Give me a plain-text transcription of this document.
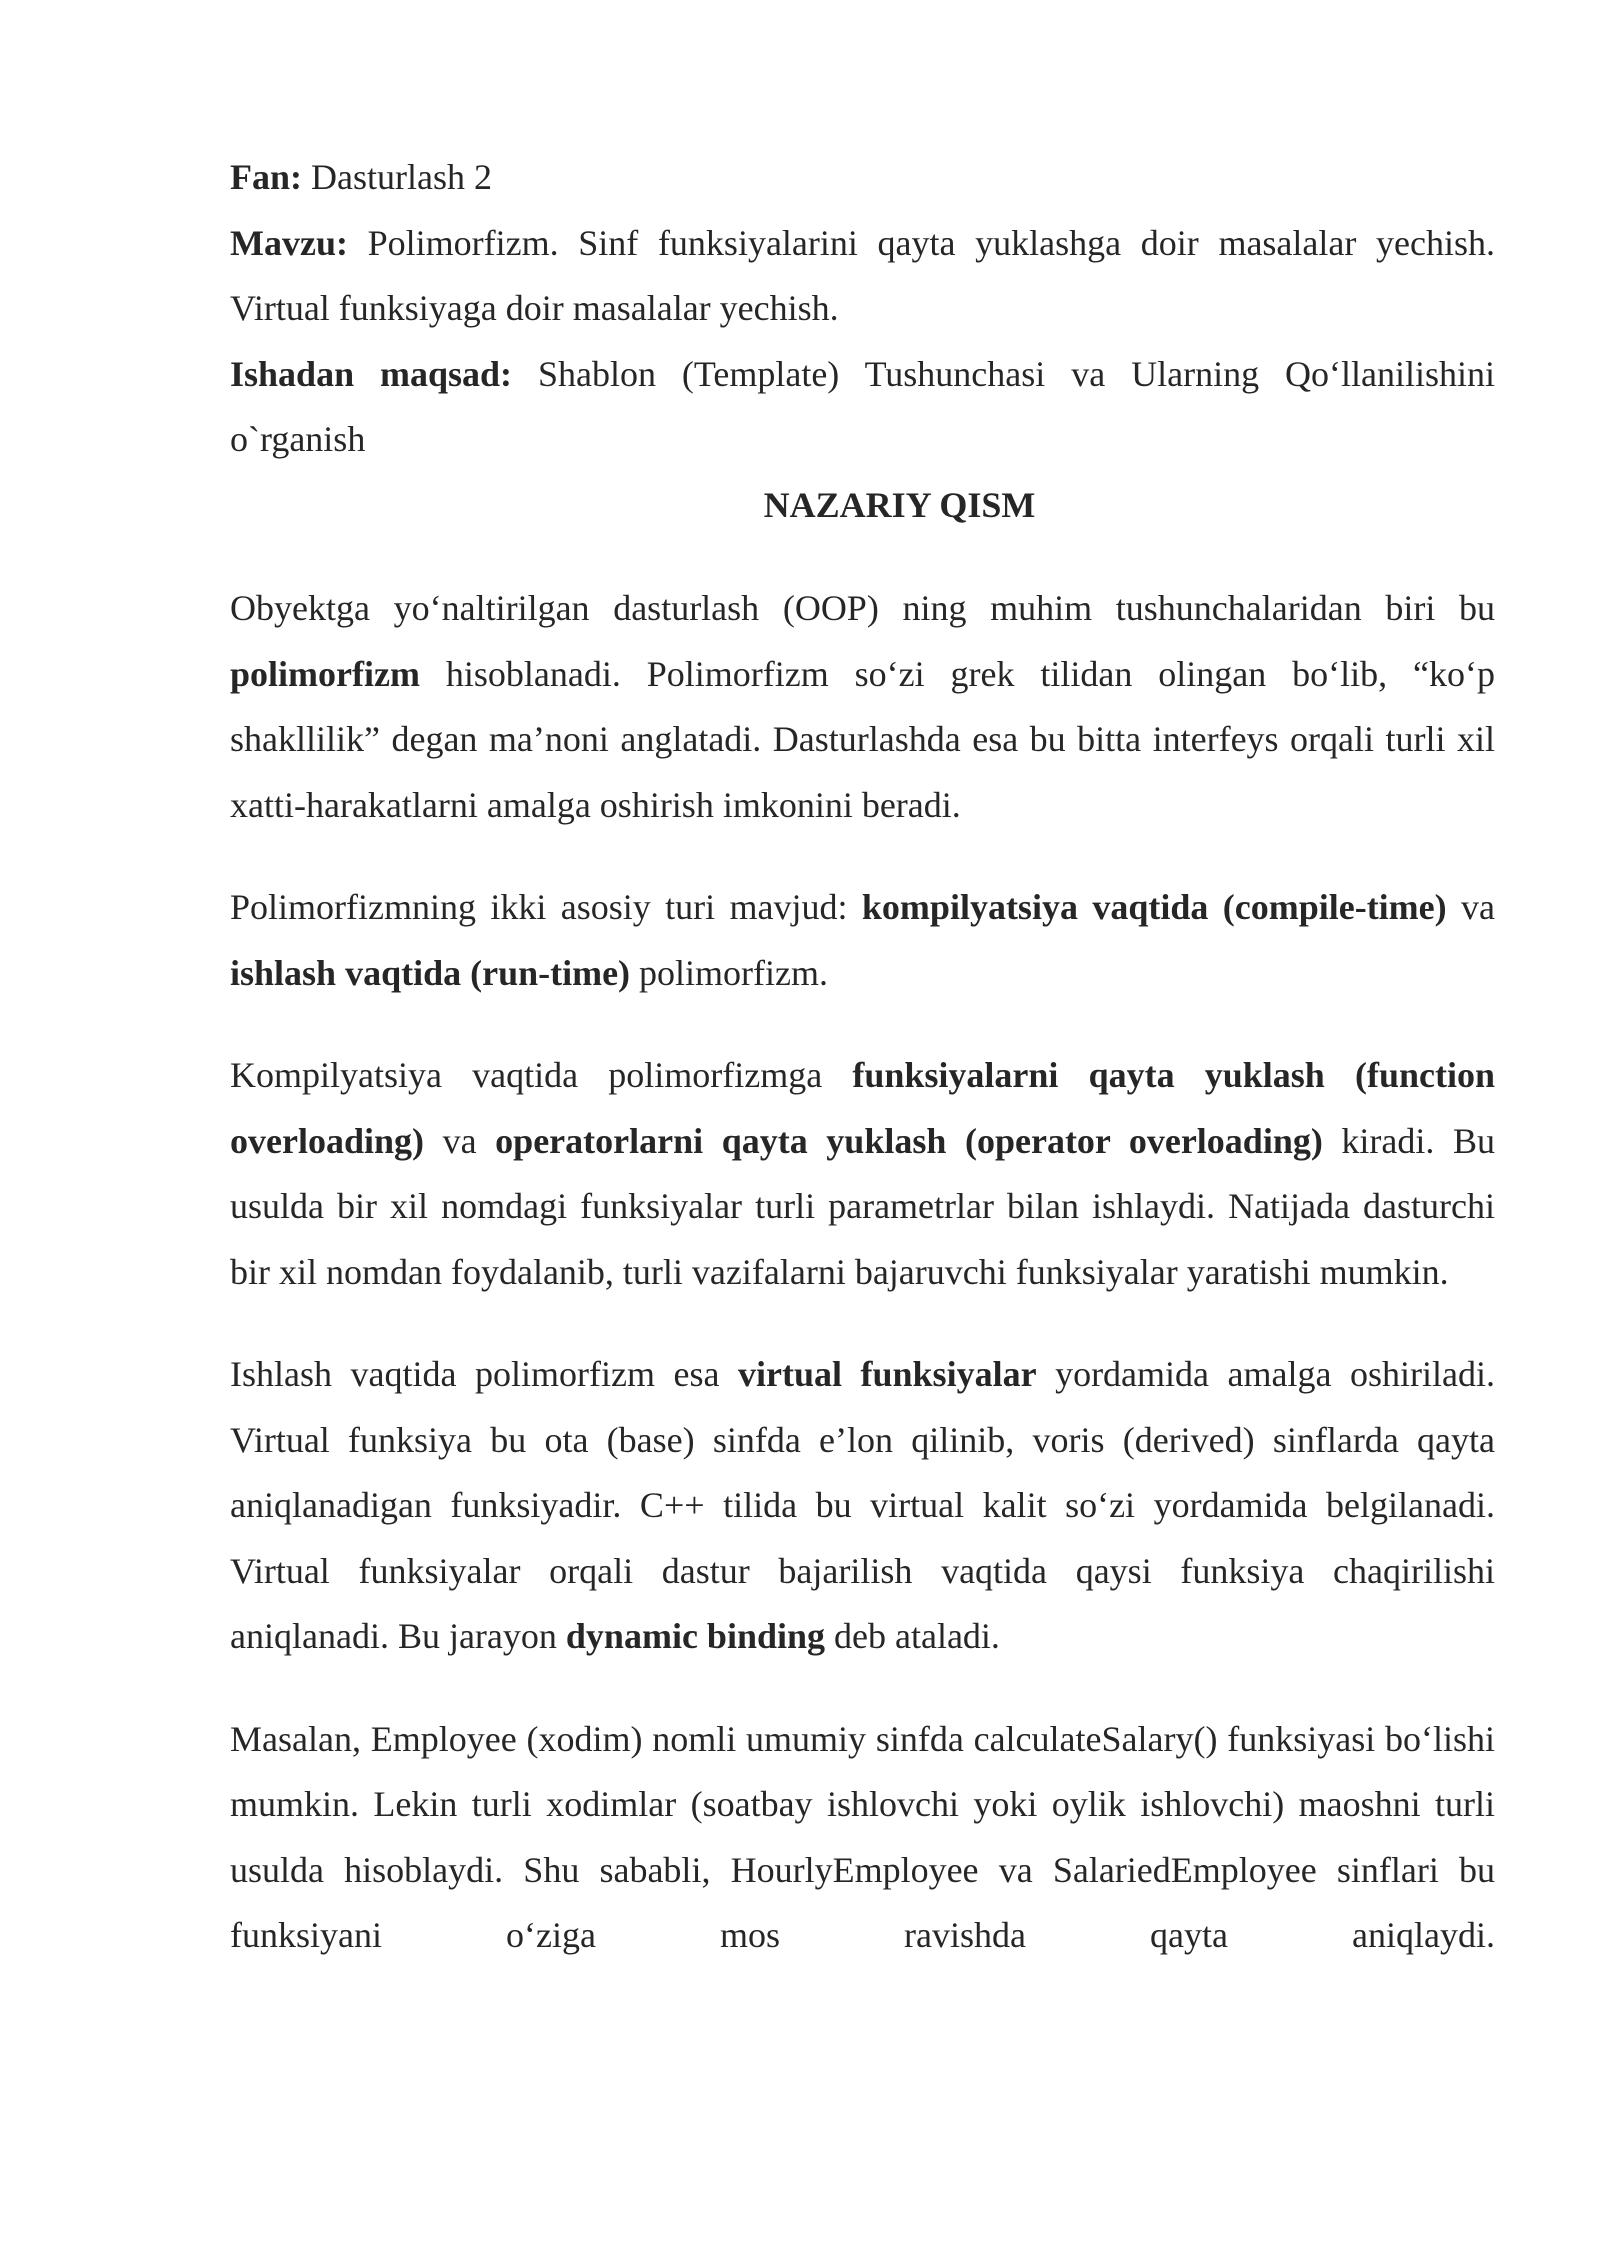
Fan: Dasturlash 2

Mavzu: Polimorfizm. Sinf funksiyalarini qayta yuklashga doir masalalar yechish. Virtual funksiyaga doir masalalar yechish.

Ishadan maqsad: Shablon (Template) Tushunchasi va Ularning Qo‘llanilishini o`rganish

NAZARIY QISM

Obyektga yo‘naltirilgan dasturlash (OOP) ning muhim tushunchalaridan biri bu polimorfizm hisoblanadi. Polimorfizm so‘zi grek tilidan olingan bo‘lib, “ko‘p shakllilik” degan ma’noni anglatadi. Dasturlashda esa bu bitta interfeys orqali turli xil xatti-harakatlarni amalga oshirish imkonini beradi.

Polimorfizmning ikki asosiy turi mavjud: kompilyatsiya vaqtida (compile-time) va ishlash vaqtida (run-time) polimorfizm.

Kompilyatsiya vaqtida polimorfizmga funksiyalarni qayta yuklash (function overloading) va operatorlarni qayta yuklash (operator overloading) kiradi. Bu usulda bir xil nomdagi funksiyalar turli parametrlar bilan ishlaydi. Natijada dasturchi bir xil nomdan foydalanib, turli vazifalarni bajaruvchi funksiyalar yaratishi mumkin.

Ishlash vaqtida polimorfizm esa virtual funksiyalar yordamida amalga oshiriladi. Virtual funksiya bu ota (base) sinfda e’lon qilinib, voris (derived) sinflarda qayta aniqlanadigan funksiyadir. C++ tilida bu virtual kalit so‘zi yordamida belgilanadi. Virtual funksiyalar orqali dastur bajarilish vaqtida qaysi funksiya chaqirilishi aniqlanadi. Bu jarayon dynamic binding deb ataladi.

Masalan, Employee (xodim) nomli umumiy sinfda calculateSalary() funksiyasi bo‘lishi mumkin. Lekin turli xodimlar (soatbay ishlovchi yoki oylik ishlovchi) maoshni turli usulda hisoblaydi. Shu sababli, HourlyEmployee va SalariedEmployee sinflari bu funksiyani o‘ziga mos ravishda qayta aniqlaydi.
